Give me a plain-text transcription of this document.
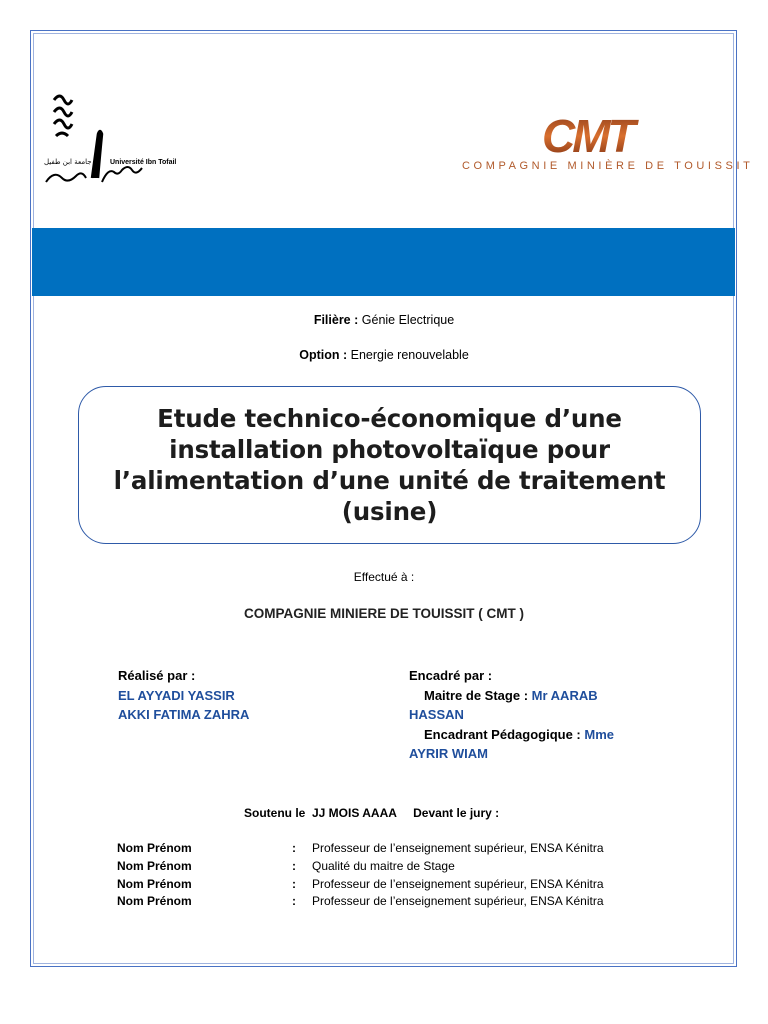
جامعة ابن طفيل	Université Ibn Tofail
CMT
COMPAGNIE MINIÈRE DE TOUISSIT
Filière : Génie Electrique
Option : Energie renouvelable
Etude technico-économique d’une
installation photovoltaïque pour
l’alimentation d’une unité de traitement
(usine)
Effectué à :
COMPAGNIE MINIERE DE TOUISSIT ( CMT )
Réalisé par :
EL AYYADI YASSIR
AKKI FATIMA ZAHRA
Encadré par :
Maitre de Stage : Mr AARAB
HASSAN
Encadrant Pédagogique : Mme
AYRIR WIAM
Soutenu le  JJ MOIS AAAA     Devant le jury :
Nom Prénom	:	Professeur de l’enseignement supérieur, ENSA Kénitra
Nom Prénom	:	Qualité du maitre de Stage
Nom Prénom	:	Professeur de l’enseignement supérieur, ENSA Kénitra
Nom Prénom	:	Professeur de l’enseignement supérieur, ENSA Kénitra
